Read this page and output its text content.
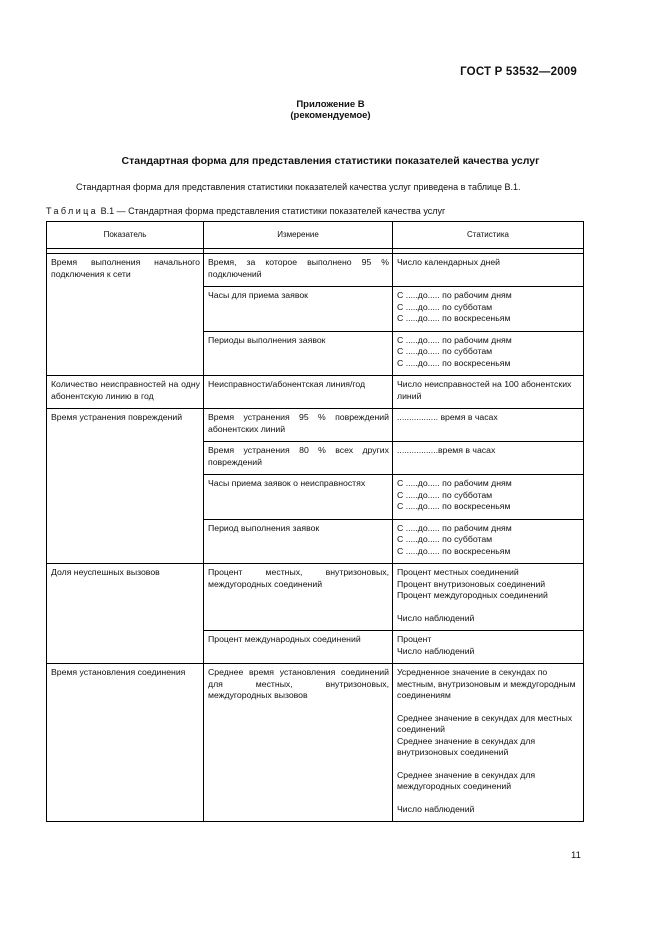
ГОСТ Р 53532—2009
Приложение В
(рекомендуемое)
Стандартная форма для представления статистики показателей качества услуг
Стандартная форма для представления статистики показателей качества услуг приведена в таблице В.1.
Таблица В.1 — Стандартная форма представления статистики показателей качества услуг
Показатель	Измерение	Статистика

Время выполнения начального подключения к сети	Время, за которое выполнено 95 % подключений	Число календарных дней

	Часы для приема заявок	С .....до..... по рабочим дням
С .....до..... по субботам
С .....до..... по воскресеньям

	Периоды выполнения заявок	С .....до..... по рабочим дням
С .....до..... по субботам
С .....до..... по воскресеньям

Количество неисправностей на одну абонентскую линию в год	Неисправности/абонентская линия/год	Число неисправностей на 100 абонентских линий

Время устранения повреждений	Время устранения 95 % повреждений абонентских линий	................. время в часах

	Время устранения 80 % всех других повреждений	.................время в часах

	Часы приема заявок о неисправностях	С .....до..... по рабочим дням
С .....до..... по субботам
С .....до..... по воскресеньям

	Период выполнения заявок	С .....до..... по рабочим дням
С .....до..... по субботам
С .....до..... по воскресеньям

Доля неуспешных вызовов	Процент местных, внутризоновых, междугородных соединений	Процент местных соединений
Процент внутризоновых соединений
Процент междугородных соединений
Число наблюдений

	Процент международных соединений	Процент
Число наблюдений

Время установления соединения	Среднее время установления соединений для местных, внутризоновых, междугородных вызовов	Усредненное значение в секундах по местным, внутризоновым и междугородным соединениям
Среднее значение в секундах для местных соединений
Среднее значение в секундах для внутризоновых соединений
Среднее значение в секундах для междугородных соединений
Число наблюдений
11
